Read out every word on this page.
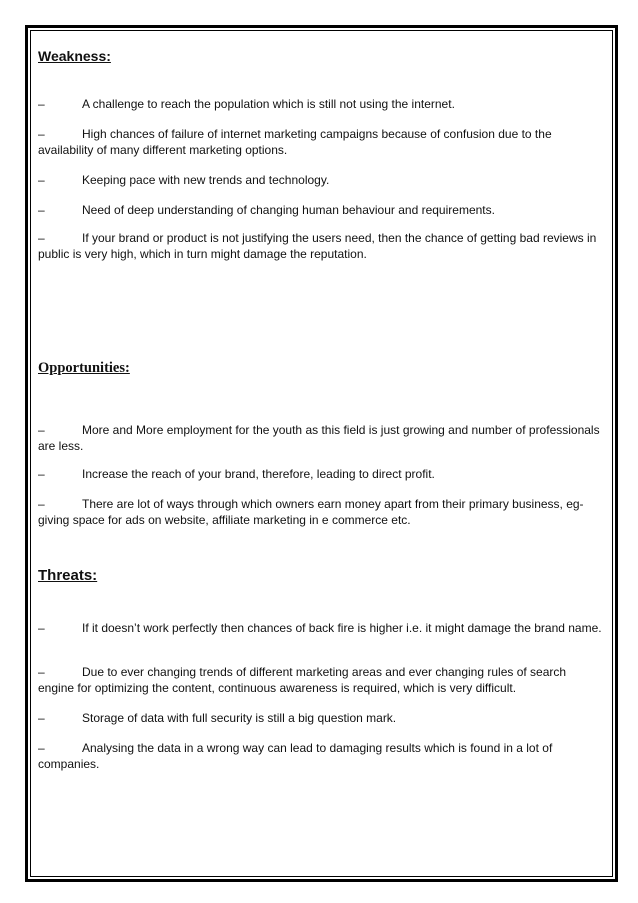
Weakness:

–	A challenge to reach the population which is still not using the internet.

–	High chances of failure of internet marketing campaigns because of confusion due to the availability of many different marketing options.

–	Keeping pace with new trends and technology.

–	Need of deep understanding of changing human behaviour and requirements.

–	If your brand or product is not justifying the users need, then the chance of getting bad reviews in public is very high, which in turn might damage the reputation.

Opportunities:

–	More and More employment for the youth as this field is just growing and number of professionals are less.

–	Increase the reach of your brand, therefore, leading to direct profit.

–	There are lot of ways through which owners earn money apart from their primary business, eg- giving space for ads on website, affiliate marketing in e commerce etc.

Threats:

–	If it doesn’t work perfectly then chances of back fire is higher i.e. it might damage the brand name.

–	Due to ever changing trends of different marketing areas and ever changing rules of search engine for optimizing the content, continuous awareness is required, which is very difficult.

–	Storage of data with full security is still a big question mark.

–	Analysing the data in a wrong way can lead to damaging results which is found in a lot of companies.
